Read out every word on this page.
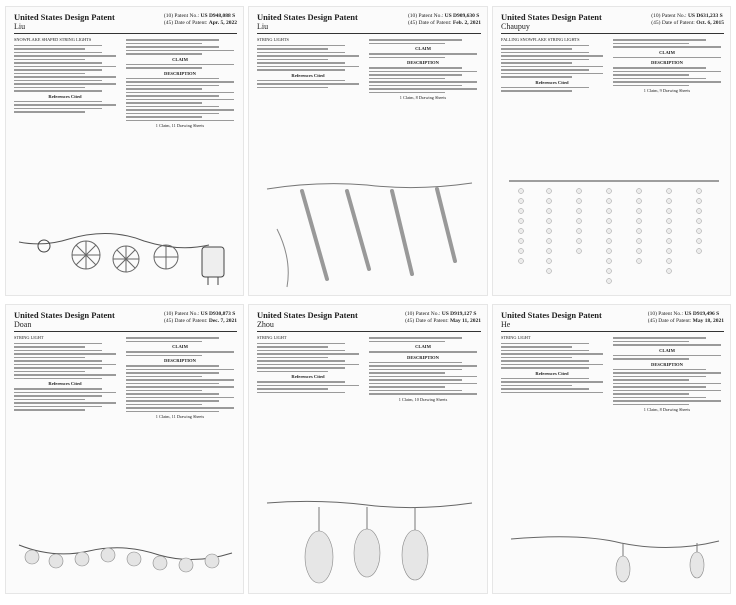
United States Design Patent
Liu
(10) Patent No.: US D948,088 S
(45) Date of Patent: Apr. 5, 2022
SNOWFLAKE SHAPED STRING LIGHTS
References Cited
CLAIM
DESCRIPTION
1 Claim, 11 Drawing Sheets
United States Design Patent
Liu
(10) Patent No.: US D909,630 S
(45) Date of Patent: Feb. 2, 2021
STRING LIGHTS
References Cited
CLAIM
DESCRIPTION
1 Claim, 8 Drawing Sheets
United States Design Patent
Chaupuy
(10) Patent No.: US D631,233 S
(45) Date of Patent: Oct. 6, 2015
FALLING SNOWFLAKE STRING LIGHTS
References Cited
CLAIM
DESCRIPTION
1 Claim, 9 Drawing Sheets
United States Design Patent
Doan
(10) Patent No.: US D930,873 S
(45) Date of Patent: Dec. 7, 2021
STRING LIGHT
References Cited
CLAIM
DESCRIPTION
1 Claim, 11 Drawing Sheets
United States Design Patent
Zhou
(10) Patent No.: US D919,127 S
(45) Date of Patent: May 11, 2021
STRING LIGHT
References Cited
CLAIM
DESCRIPTION
1 Claim, 10 Drawing Sheets
United States Design Patent
He
(10) Patent No.: US D919,496 S
(45) Date of Patent: May 18, 2021
STRING LIGHT
References Cited
CLAIM
DESCRIPTION
1 Claim, 8 Drawing Sheets
